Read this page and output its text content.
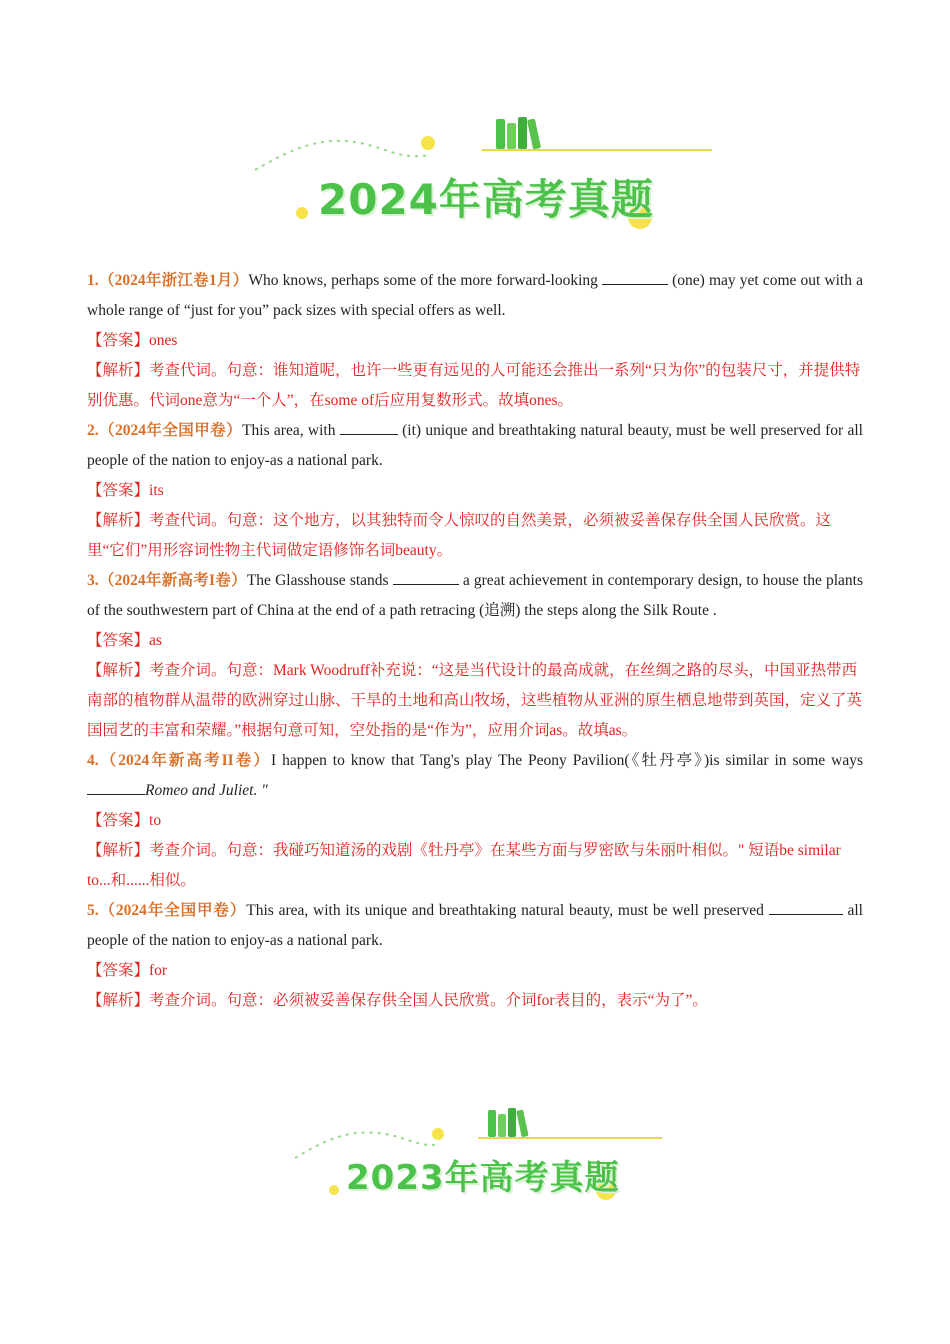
2024年高考真题
1.（2024年浙江卷1月）Who knows, perhaps some of the more forward-looking	(one) may yet come out with a whole range of “just for you” pack sizes with special offers as well.
【答案】ones
【解析】考查代词。句意：谁知道呢，也许一些更有远见的人可能还会推出一系列“只为你”的包装尺寸，并提供特别优惠。代词one意为“一个人”，在some of后应用复数形式。故填ones。
2.（2024年全国甲卷）This area, with	(it) unique and breathtaking natural beauty, must be well preserved for all people of the nation to enjoy-as a national park.
【答案】its
【解析】考查代词。句意：这个地方，以其独特而令人惊叹的自然美景，必须被妥善保存供全国人民欣赏。这里“它们”用形容词性物主代词做定语修饰名词beauty。
3.（2024年新高考I卷）The Glasshouse stands	a great achievement in contemporary design, to house the plants of the southwestern part of China at the end of a path retracing (追溯) the steps along the Silk Route .
【答案】as
【解析】考查介词。句意：Mark Woodruff补充说：“这是当代设计的最高成就，在丝绸之路的尽头，中国亚热带西南部的植物群从温带的欧洲穿过山脉、干旱的土地和高山牧场，这些植物从亚洲的原生栖息地带到英国，定义了英国园艺的丰富和荣耀。”根据句意可知，空处指的是“作为”，应用介词as。故填as。
4.（2024年新高考II卷）I happen to know that Tang's play The Peony Pavilion(《牡丹亭》)is similar in some ways Romeo and Juliet. "
【答案】to
【解析】考查介词。句意：我碰巧知道汤的戏剧《牡丹亭》在某些方面与罗密欧与朱丽叶相似。" 短语be similar to...和......相似。
5.（2024年全国甲卷）This area, with its unique and breathtaking natural beauty, must be well preserved	all people of the nation to enjoy-as a national park.
【答案】for
【解析】考查介词。句意：必须被妥善保存供全国人民欣赏。介词for表目的，表示“为了”。
2023年高考真题
